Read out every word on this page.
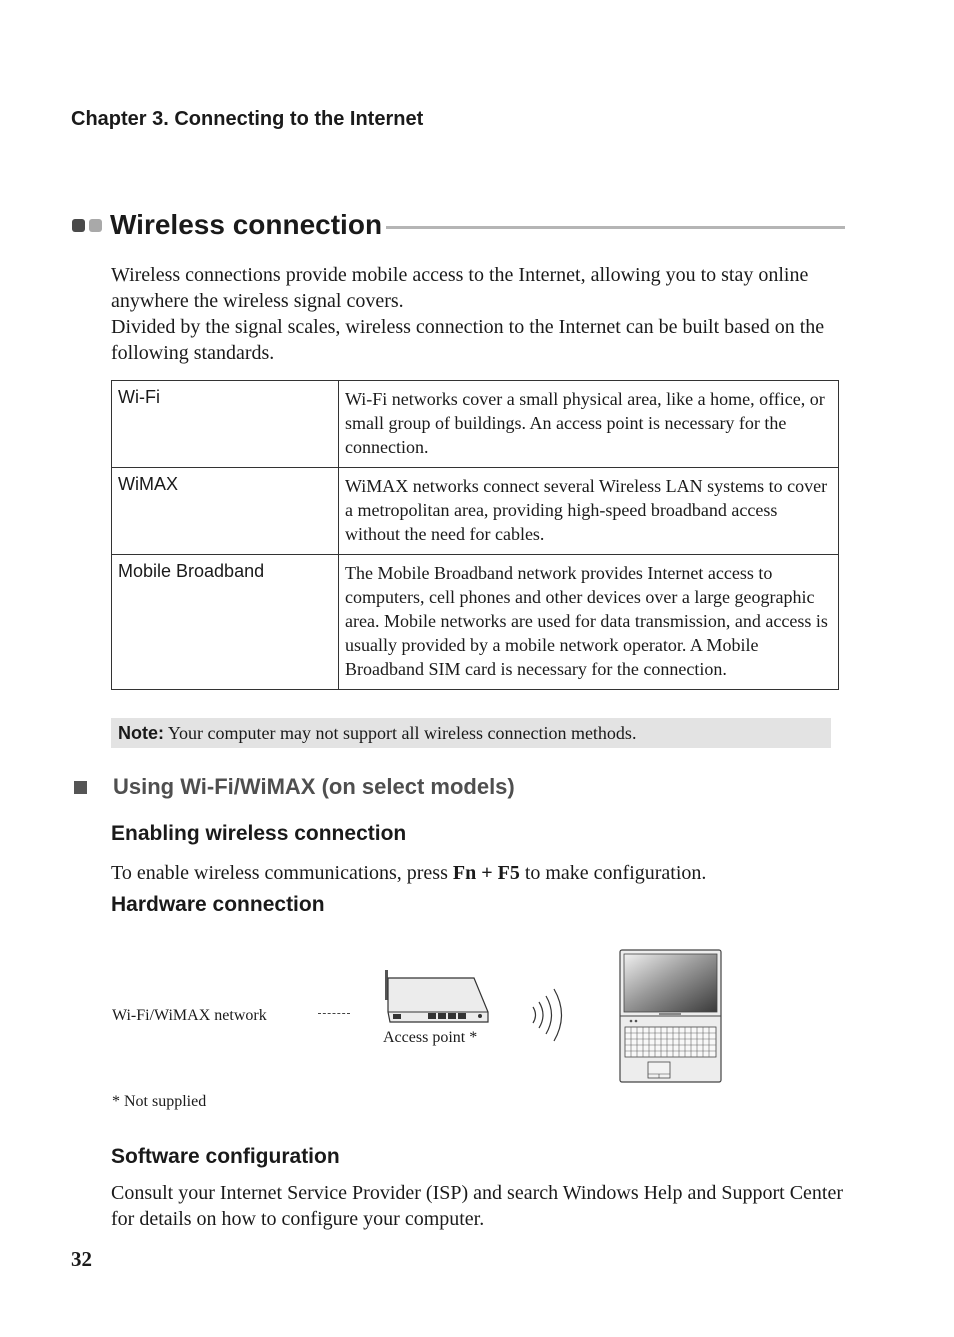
Chapter 3. Connecting to the Internet
Wireless connection

Wireless connections provide mobile access to the Internet, allowing you to stay online anywhere the wireless signal covers.

Divided by the signal scales, wireless connection to the Internet can be built based on the following standards.

Wi-Fi	Wi-Fi networks cover a small physical area, like a home, office, or small group of buildings. An access point is necessary for the connection.
WiMAX	WiMAX networks connect several Wireless LAN systems to cover a metropolitan area, providing high-speed broadband access without the need for cables.
Mobile Broadband	The Mobile Broadband network provides Internet access to computers, cell phones and other devices over a large geographic area. Mobile networks are used for data transmission, and access is usually provided by a mobile network operator. A Mobile Broadband SIM card is necessary for the connection.
Note: Your computer may not support all wireless connection methods.
Using Wi-Fi/WiMAX (on select models)
Enabling wireless connection
To enable wireless communications, press Fn + F5 to make configuration.
Hardware connection
Wi-Fi/WiMAX network
Access point *
* Not supplied
Software configuration
Consult your Internet Service Provider (ISP) and search Windows Help and Support Center for details on how to configure your computer.
32
